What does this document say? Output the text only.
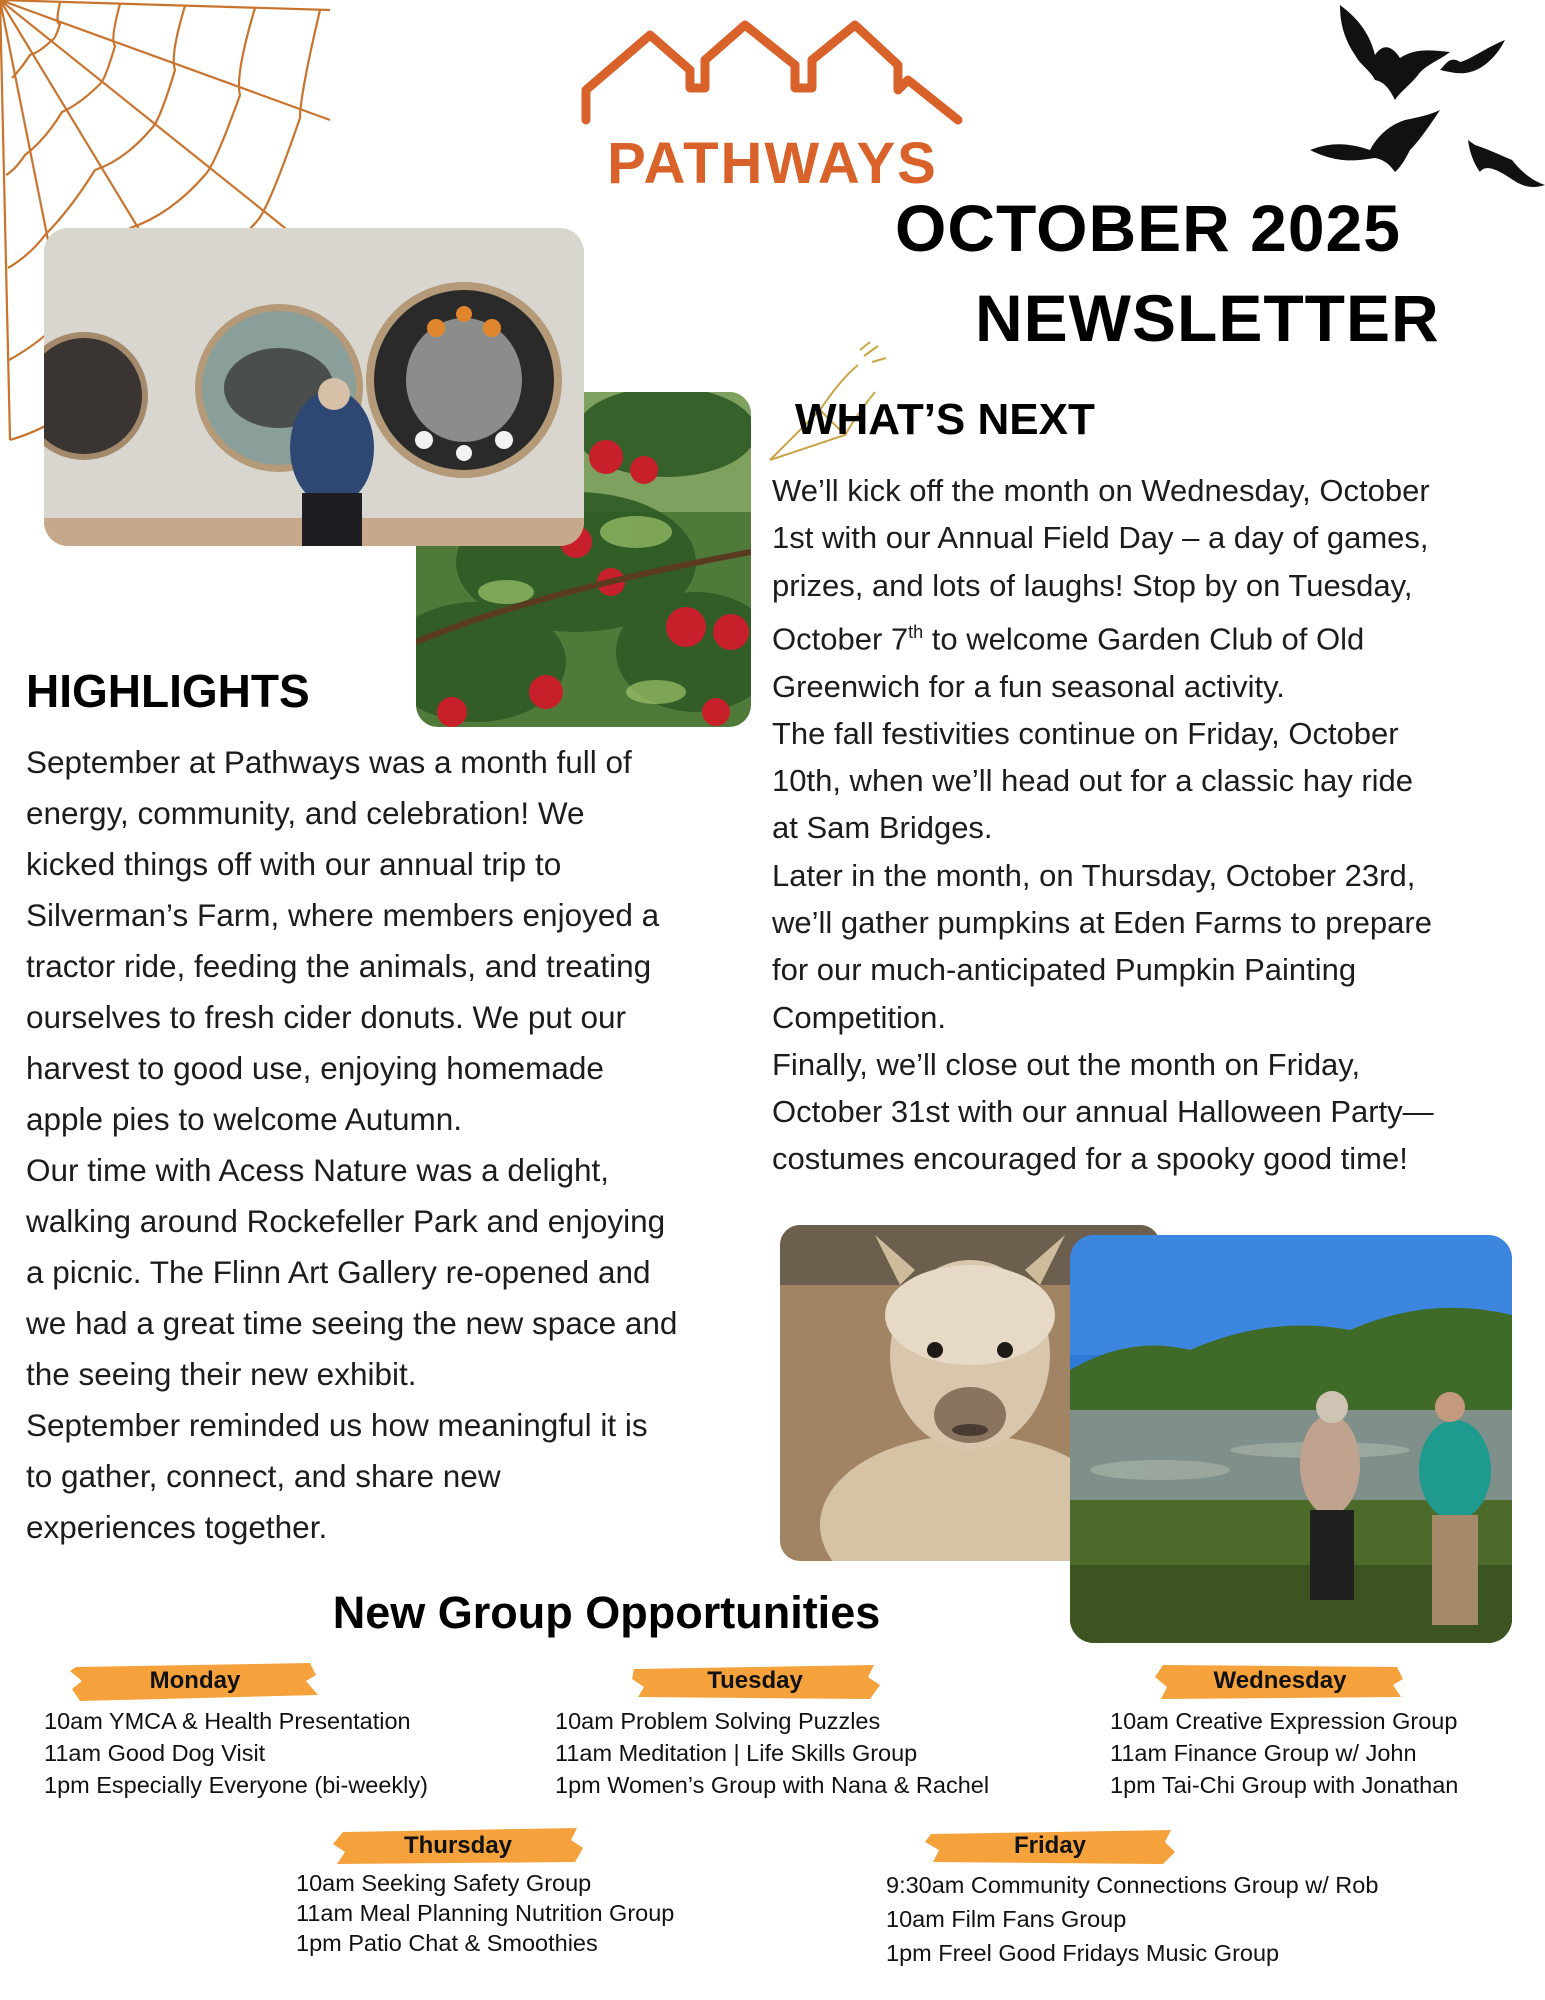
PATHWAYS
OCTOBER 2025
NEWSLETTER
HIGHLIGHTS

September at Pathways was a month full of
energy, community, and celebration! We
kicked things off with our annual trip to
Silverman’s Farm, where members enjoyed a
tractor ride, feeding the animals, and treating
ourselves to fresh cider donuts. We put our
harvest to good use, enjoying homemade
apple pies to welcome Autumn.

Our time with Acess Nature was a delight,
walking around Rockefeller Park and enjoying
a picnic. The Flinn Art Gallery re-opened and
we had a great time seeing the new space and
the seeing their new exhibit.

September reminded us how meaningful it is
to gather, connect, and share new
experiences together.

WHAT’S NEXT

We’ll kick off the month on Wednesday, October
1st with our Annual Field Day – a day of games,
prizes, and lots of laughs! Stop by on Tuesday,
October 7th to welcome Garden Club of Old
Greenwich for a fun seasonal activity.

The fall festivities continue on Friday, October
10th, when we’ll head out for a classic hay ride
at Sam Bridges.

Later in the month, on Thursday, October 23rd,
we’ll gather pumpkins at Eden Farms to prepare
for our much-anticipated Pumpkin Painting
Competition.

Finally, we’ll close out the month on Friday,
October 31st with our annual Halloween Party—
costumes encouraged for a spooky good time!

New Group Opportunities
Monday
10am YMCA & Health Presentation
11am Good Dog Visit
1pm Especially Everyone (bi-weekly)
Tuesday
10am Problem Solving Puzzles
11am Meditation | Life Skills Group
1pm Women’s Group with Nana & Rachel
Wednesday
10am Creative Expression Group
11am Finance Group w/ John
1pm Tai-Chi Group with Jonathan
Thursday
10am Seeking Safety Group
11am Meal Planning Nutrition Group
1pm Patio Chat & Smoothies
Friday
9:30am Community Connections Group w/ Rob
10am Film Fans Group
1pm Freel Good Fridays Music Group
